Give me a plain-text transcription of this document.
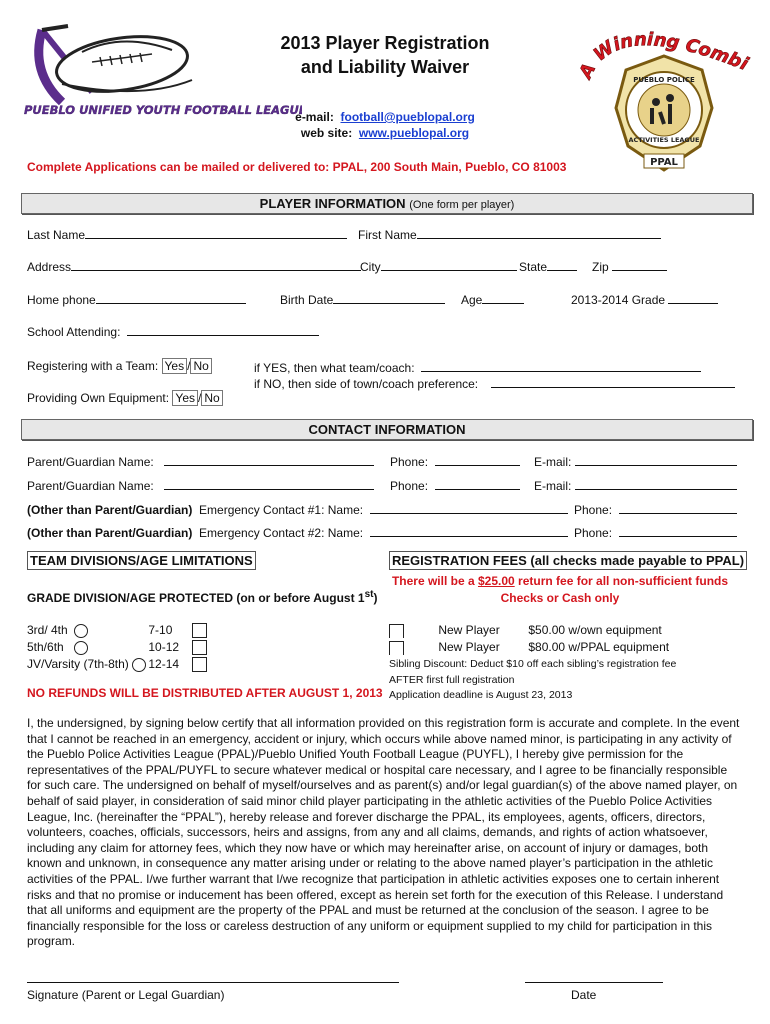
PUEBLO UNIFIED YOUTH FOOTBALL LEAGUE
A Winning Combi
PUEBLO POLICE
ACTIVITIES LEAGUE
PPAL
2013 Player Registration
and Liability Waiver
e-mail: football@pueblopal.org
web site: www.pueblopal.org
Complete Applications can be mailed or delivered to: PPAL, 200 South Main, Pueblo, CO 81003
PLAYER INFORMATION (One form per player)
Last Name	First Name
Address	City	State	Zip
Home phone	Birth Date	Age	2013-2014 Grade
School Attending:
Registering with a Team: Yes / No	if YES, then what team/coach:
if NO, then side of town/coach preference:
Providing Own Equipment: Yes / No
CONTACT INFORMATION
Parent/Guardian Name:	Phone:	E-mail:
Parent/Guardian Name:	Phone:	E-mail:
(Other than Parent/Guardian) Emergency Contact #1: Name:	Phone:
(Other than Parent/Guardian) Emergency Contact #2: Name:	Phone:
TEAM DIVISIONS/AGE LIMITATIONS
GRADE DIVISION/AGE PROTECTED (on or before August 1st)
3rd/ 4th	7-10
5th/6th	10-12
JV/Varsity (7th-8th) 12-14
NO REFUNDS WILL BE DISTRIBUTED AFTER AUGUST 1, 2013
REGISTRATION FEES (all checks made payable to PPAL)
There will be a $25.00 return fee for all non-sufficient funds
Checks or Cash only
New Player $50.00 w/own equipment
New Player $80.00 w/PPAL equipment
Sibling Discount: Deduct $10 off each sibling’s registration fee
AFTER first full registration
Application deadline is August 23, 2013

I, the undersigned, by signing below certify that all information provided on this registration form is accurate and complete. In the event that I cannot be reached in an emergency, accident or injury, which occurs while above named minor, is participating in any activity of the Pueblo Police Activities League (PPAL)/Pueblo Unified Youth Football League (PUYFL), I hereby give permission for the representatives of the PPAL/PUYFL to secure whatever medical or hospital care necessary, and I agree to be financially responsible for such care. The undersigned on behalf of myself/ourselves and as parent(s) and/or legal guardian(s) of the above named player, on behalf of said player, in consideration of said minor child player participating in the athletic activities of the Pueblo Police Activities League, Inc. (hereinafter the “PPAL”), hereby release and forever discharge the PPAL, its employees, agents, officers, directors, volunteers, coaches, officials, successors, heirs and assigns, from any and all claims, demands, and rights of action whatsoever, including any claim for attorney fees, which they now have or which may hereinafter arise, on account of injury or damages, both known and unknown, in consequence any matter arising under or relating to the above named player’s participation in the athletic activities of the PPAL. I/we further warrant that I/we recognize that participation in athletic activities exposes one to certain inherent risks and that no promise or inducement has been offered, except as herein set forth for the execution of this Release. I understand that all uniforms and equipment are the property of the PPAL and must be returned at the conclusion of the season. I agree to be financially responsible for the loss or careless destruction of any uniform or equipment supplied to my child for participation in this program.

Signature (Parent or Legal Guardian)	Date
